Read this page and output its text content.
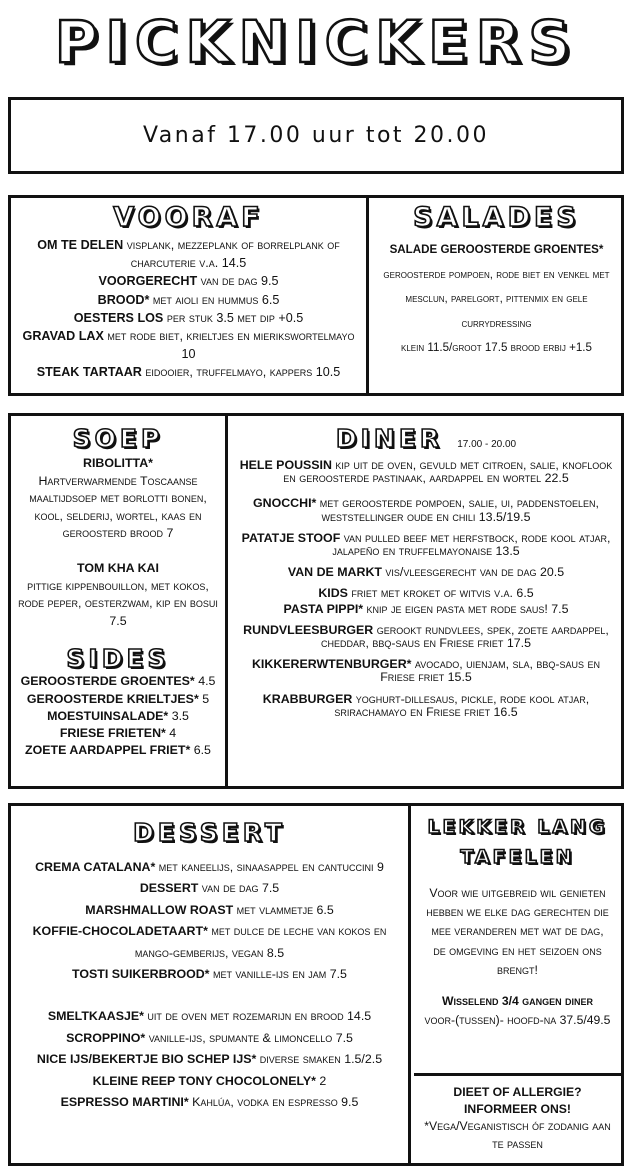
PICKNICKERS
Vanaf 17.00 uur tot 20.00
VOORAF
OM TE DELEN visplank, mezzeplank of borrelplank of charcuterie v.a. 14.5
VOORGERECHT van de dag 9.5
BROOD* met aioli en hummus 6.5
OESTERS LOS per stuk 3.5 met dip +0.5
GRAVAD LAX met rode biet, krieltjes en mierikswortelmayo 10
STEAK TARTAAR eidooier, truffelmayo, kappers 10.5
SALADES
SALADE GEROOSTERDE GROENTES*
geroosterde pompoen, rode biet en venkel met mesclun, parelgort, pittenmix en gele currydressing
klein 11.5/groot 17.5 brood erbij +1.5
SOEP
RIBOLITTA*
Hartverwarmende Toscaanse maaltijdsoep met borlotti bonen, kool, selderij, wortel, kaas en geroosterd brood 7
TOM KHA KAI
pittige kippenbouillon, met kokos, rode peper, oesterzwam, kip en bosui 7.5
SIDES
GEROOSTERDE GROENTES* 4.5
GEROOSTERDE KRIELTJES* 5
MOESTUINSALADE* 3.5
FRIESE FRIETEN* 4
ZOETE AARDAPPEL FRIET* 6.5
DINER 17.00 - 20.00
HELE POUSSIN kip uit de oven, gevuld met citroen, salie, knoflook en geroosterde pastinaak, aardappel en wortel 22.5
GNOCCHI* met geroosterde pompoen, salie, ui, paddenstoelen, weststellinger oude en chili 13.5/19.5
PATATJE STOOF van pulled beef met herfstbock, rode kool atjar, jalapeño en truffelmayonaise 13.5
VAN DE MARKT vis/vleesgerecht van de dag 20.5
KIDS friet met kroket of witvis v.a. 6.5
PASTA PIPPI* knip je eigen pasta met rode saus! 7.5
RUNDVLEESBURGER gerookt rundvlees, spek, zoete aardappel, cheddar, bbq-saus en Friese friet 17.5
KIKKERERWTENBURGER* avocado, uienjam, sla, bbq-saus en Friese friet 15.5
KRABBURGER yoghurt-dillesaus, pickle, rode kool atjar, srirachamayo en Friese friet 16.5
DESSERT
CREMA CATALANA* met kaneelijs, sinaasappel en cantuccini 9
DESSERT van de dag 7.5
MARSHMALLOW ROAST met vlammetje 6.5
KOFFIE-CHOCOLADETAART* met dulce de leche van kokos en mango-gemberijs, vegan 8.5
TOSTI SUIKERBROOD* met vanille-ijs en jam 7.5
SMELTKAASJE* uit de oven met rozemarijn en brood 14.5
SCROPPINO* vanille-ijs, spumante & limoncello 7.5
NICE IJS/BEKERTJE BIO SCHEP IJS* diverse smaken 1.5/2.5
KLEINE REEP TONY CHOCOLONELY* 2
ESPRESSO MARTINI* Kahlúa, vodka en espresso 9.5
LEKKER LANG
TAFELEN
Voor wie uitgebreid wil genieten hebben we elke dag gerechten die mee veranderen met wat de dag, de omgeving en het seizoen ons brengt!
Wisselend 3/4 gangen diner
voor-(tussen)- hoofd-na 37.5/49.5
DIEET OF ALLERGIE?
INFORMEER ONS!
*Vega/Veganistisch óf zodanig aan te passen
